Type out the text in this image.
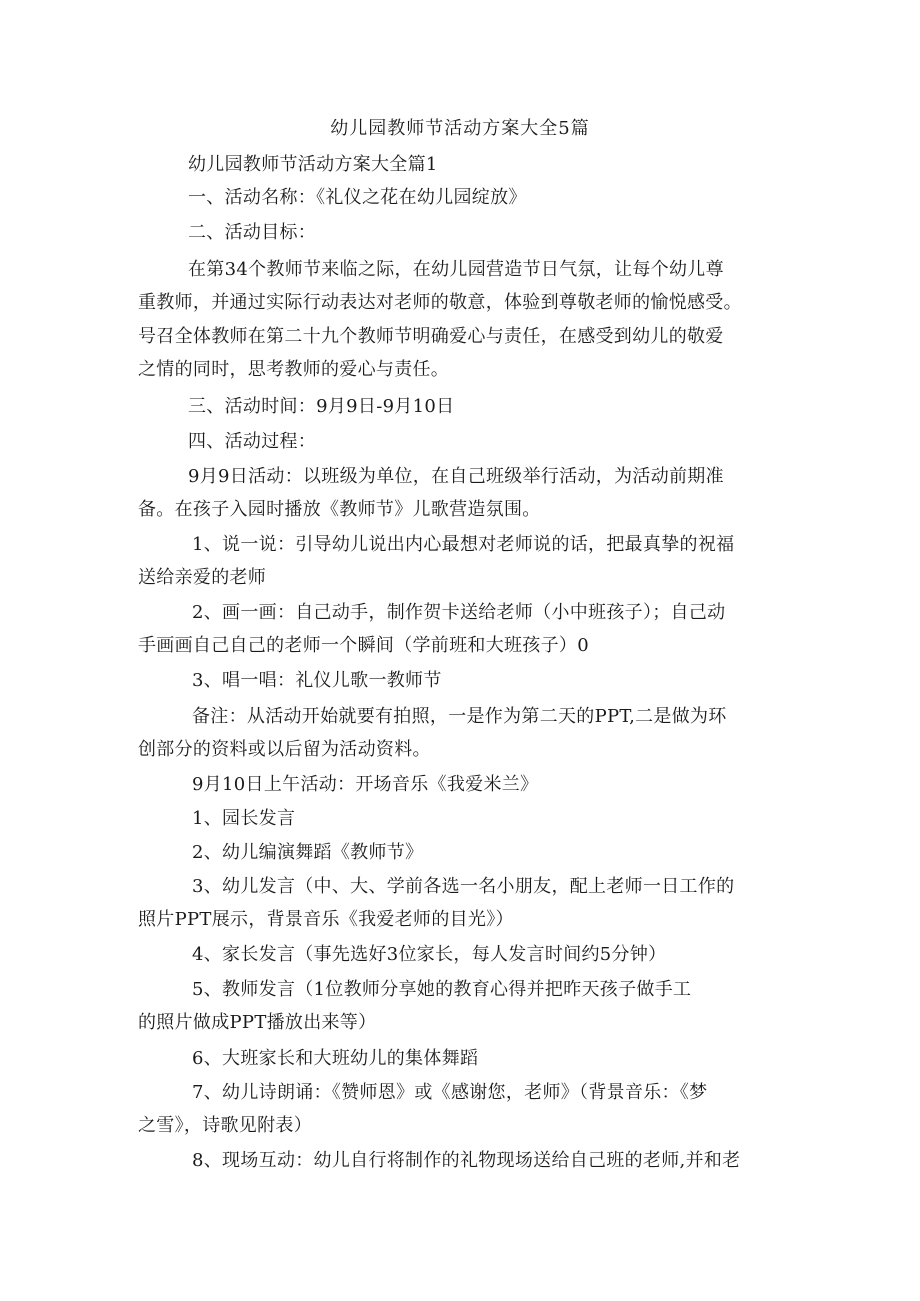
幼儿园教师节活动方案大全5篇
幼儿园教师节活动方案大全篇1
一、活动名称：《礼仪之花在幼儿园绽放》
二、活动目标：
在第34个教师节来临之际，在幼儿园营造节日气氛，让每个幼儿尊
重教师，并通过实际行动表达对老师的敬意，体验到尊敬老师的愉悦感受。
号召全体教师在第二十九个教师节明确爱心与责任，在感受到幼儿的敬爱
之情的同时，思考教师的爱心与责任。
三、活动时间：9月9日-9月10日
四、活动过程：
9月9日活动：以班级为单位，在自己班级举行活动，为活动前期准
备。在孩子入园时播放《教师节》儿歌营造氛围。
1、说一说：引导幼儿说出内心最想对老师说的话，把最真挚的祝福
送给亲爱的老师
2、画一画：自己动手，制作贺卡送给老师（小中班孩子）；自己动
手画画自己自己的老师一个瞬间（学前班和大班孩子）0
3、唱一唱：礼仪儿歌一教师节
备注：从活动开始就要有拍照，一是作为第二天的PPT,二是做为环
创部分的资料或以后留为活动资料。
9月10日上午活动：开场音乐《我爱米兰》
1、园长发言
2、幼儿编演舞蹈《教师节》
3、幼儿发言（中、大、学前各选一名小朋友，配上老师一日工作的
照片PPT展示，背景音乐《我爱老师的目光》）
4、家长发言（事先选好3位家长，每人发言时间约5分钟）
5、教师发言（1位教师分享她的教育心得并把昨天孩子做手工
的照片做成PPT播放出来等）
6、大班家长和大班幼儿的集体舞蹈
7、幼儿诗朗诵：《赞师恩》或《感谢您，老师》（背景音乐：《梦
之雪》，诗歌见附表）
8、现场互动：幼儿自行将制作的礼物现场送给自己班的老师,并和老
